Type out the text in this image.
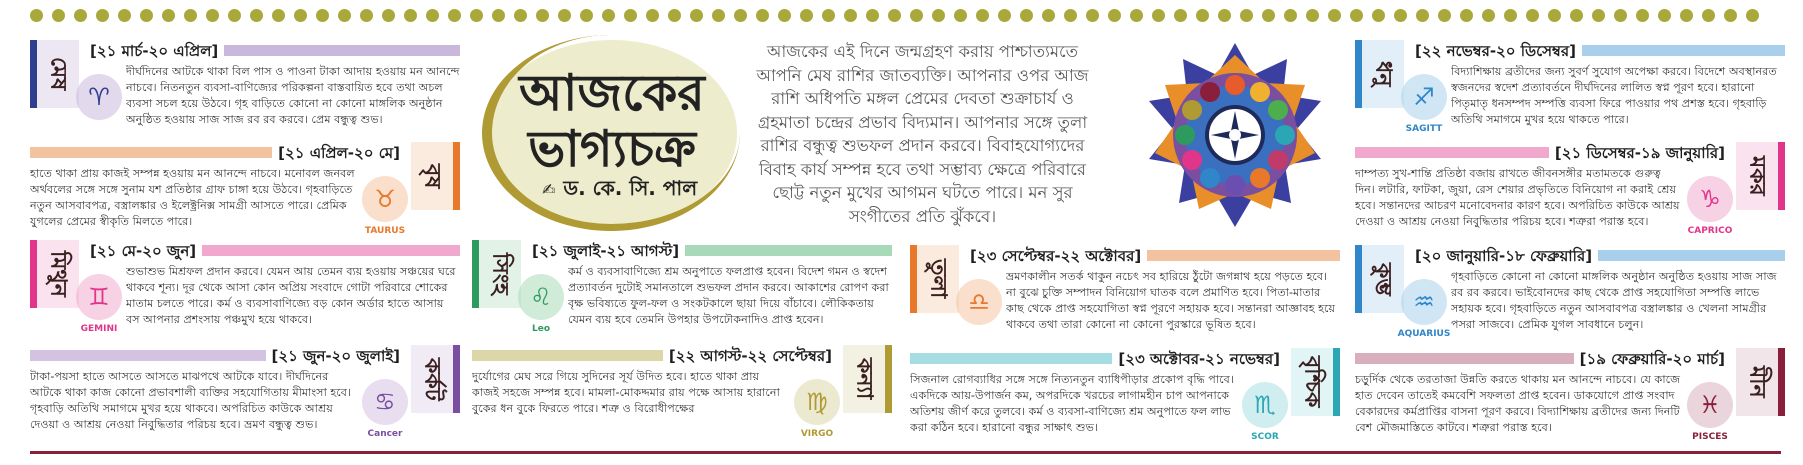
আজকের
ভাগ্যচক্র
✍ ড. কে. সি. পাল
আজকের এই দিনে জন্মগ্রহণ করায় পাশ্চাত্যমতে আপনি মেষ রাশির জাতব্যক্তি। আপনার ওপর আজ রাশি অধিপতি মঙ্গল প্রেমের দেবতা শুক্রাচার্য ও গ্রহমাতা চন্দ্রের প্রভাব বিদ্যমান। আপনার সঙ্গে তুলা রাশির বন্ধুত্ব শুভফল প্রদান করবে। বিবাহযোগ্যদের বিবাহ কার্য সম্পন্ন হবে তথা সম্ভাব্য ক্ষেত্রে পরিবারে ছোট্ট নতুন মুখের আগমন ঘটতে পারে। মন সুর সংগীতের প্রতি ঝুঁকবে।
মেষ
[২১ মার্চ-২০ এপ্রিল]
♈
দীর্ঘদিনের আটকে থাকা বিল পাস ও পাওনা টাকা আদায় হওয়ায় মন আনন্দে নাচবে। নিতনতুন ব্যবসা-বাণিজ্যের পরিকল্পনা বাস্তবায়িত হবে তথা অচল ব্যবসা সচল হয়ে উঠবে। গৃহ বাড়িতে কোনো না কোনো মাঙ্গলিক অনুষ্ঠান অনুষ্ঠিত হওয়ায় সাজ সাজ রব রব করবে। প্রেম বন্ধুত্ব শুভ।
বৃষ
[২১ এপ্রিল-২০ মে]
♉
TAURUS
হাতে থাকা প্রায় কাজই সম্পন্ন হওয়ায় মন আনন্দে নাচবে। মনোবল জনবল অর্থবলের সঙ্গে সঙ্গে সুনাম যশ প্রতিষ্ঠার গ্রাফ চাঙ্গা হয়ে উঠবে। গৃহবাড়িতে নতুন আসবাবপত্র, বস্ত্রালঙ্কার ও ইলেক্ট্রনিক্স সামগ্রী আসতে পারে। প্রেমিক যুগলের প্রেমের স্বীকৃতি মিলতে পারে।
মিথুন
[২১ মে-২০ জুন]
♊
GEMINI
শুভাশুভ মিশ্রফল প্রদান করবে। যেমন আয় তেমন ব্যয় হওয়ায় সঞ্চয়ের ঘরে থাকবে শূন্য। দূর থেকে আসা কোন অপ্রিয় সংবাদে গোটা পরিবারে শোকের মাতাম চলতে পারে। কর্ম ও ব্যবসাবাণিজ্যে বড় কোন অর্ডার হাতে আসায় বস আপনার প্রশংসায় পঞ্চমুখ হয়ে থাকবে।
কর্কট
[২১ জুন-২০ জুলাই]
♋
Cancer
টাকা-পয়সা হাতে আসতে আসতে মাঝপথে আটকে যাবে। দীর্ঘদিনের আটকে থাকা কাজ কোনো প্রভাবশালী ব্যক্তির সহযোগিতায় মীমাংসা হবে। গৃহবাড়ি অতিথি সমাগমে মুখর হয়ে থাকবে। অপরিচিত কাউকে আশ্রয় দেওয়া ও আশ্রয় নেওয়া নিবুদ্ধিতার পরিচয় হবে। ভ্রমণ বন্ধুত্ব শুভ।
সিংহ
[২১ জুলাই-২১ আগস্ট]
♌
Leo
কর্ম ও ব্যবসাবাণিজ্যে শ্রম অনুপাতে ফলপ্রাপ্ত হবেন। বিদেশ গমন ও স্বদেশ প্রত্যাবর্তন দুটোই সমানতালে শুভফল প্রদান করবে। আকাশের রোপণ করা বৃক্ষ ভবিষ্যতে ফুল-ফল ও সংকটকালে ছায়া দিয়ে বাঁচাবে। লৌকিকতায় যেমন ব্যয় হবে তেমনি উপহার উপঢৌকনাদিও প্রাপ্ত হবেন।
কন্যা
[২২ আগস্ট-২২ সেপ্টেম্বর]
♍
VIRGO
দুর্যোগের মেঘ সরে গিয়ে সুদিনের সূর্য উদিত হবে। হাতে থাকা প্রায় কাজই সহজে সম্পন্ন হবে। মামলা-মোকদ্দমার রায় পক্ষে আসায় হারানো বুকের ধন বুকে ফিরতে পারে। শত্রু ও বিরোধীপক্ষের
তুলা
[২৩ সেপ্টেম্বর-২২ অক্টোবর]
♎
ভ্রমণকালীন সতর্ক থাকুন নচেৎ সব হারিয়ে ঠুঁটো জগন্নাথ হয়ে পড়তে হবে। না বুঝে চুক্তি সম্পাদন বিনিয়োগ ঘাতক বলে প্রমাণিত হবে। পিতা-মাতার কাছ থেকে প্রাপ্ত সহযোগিতা স্বপ্ন পূরণে সহায়ক হবে। সন্তানরা আজ্ঞাবহ হয়ে থাকবে তথা তারা কোনো না কোনো পুরস্কারে ভূষিত হবে।
বৃশ্চিক
[২৩ অক্টোবর-২১ নভেম্বর]
♏
SCOR
সিজনাল রোগব্যাধির সঙ্গে সঙ্গে নিত্যনতুন ব্যাধিপীড়ার প্রকোপ বৃদ্ধি পাবে। একদিকে আয়-উপার্জন কম, অপরদিকে খরচের লাগামহীন চাপ আপনাকে অতিশয় জীর্ণ করে তুলবে। কর্ম ও ব্যবসা-বাণিজ্যে শ্রম অনুপাতে ফল লাভ করা কঠিন হবে। হারানো বন্ধুর সাক্ষাৎ শুভ।
ধনু
[২২ নভেম্বর-২০ ডিসেম্বর]
♐
SAGITT
বিদ্যাশিক্ষায় ব্রতীদের জন্য সুবর্ণ সুযোগ অপেক্ষা করবে। বিদেশে অবস্থানরত স্বজনদের স্বদেশ প্রত্যাবর্তনে দীর্ঘদিনের লালিত স্বপ্ন পূরণ হবে। হারানো পিতৃমাতৃ ধনসম্পদ সম্পত্তি ব্যবসা ফিরে পাওয়ার পথ প্রশস্ত হবে। গৃহবাড়ি অতিথি সমাগমে মুখর হয়ে থাকতে পারে।
মকর
[২১ ডিসেম্বর-১৯ জানুয়ারি]
♑
CAPRICO
দাম্পত্য সুখ-শান্তি প্রতিষ্ঠা বজায় রাখতে জীবনসঙ্গীর মতামতকে গুরুত্ব দিন। লটারি, ফাটকা, জুয়া, রেস শেয়ার প্রভৃতিতে বিনিয়োগ না করাই শ্রেয় হবে। সন্তানদের আচরণ মনোবেদনার কারণ হবে। অপরিচিত কাউকে আশ্রয় দেওয়া ও আশ্রয় নেওয়া নিবুদ্ধিতার পরিচয় হবে। শত্রুরা পরাস্ত হবে।
কুম্ভ
[২০ জানুয়ারি-১৮ ফেব্রুয়ারি]
♒
AQUARIUS
গৃহবাড়িতে কোনো না কোনো মাঙ্গলিক অনুষ্ঠান অনুষ্ঠিত হওয়ায় সাজ সাজ রব রব করবে। ভাইবোনদের কাছ থেকে প্রাপ্ত সহযোগিতা সম্পত্তি লাভে সহায়ক হবে। গৃহবাড়িতে নতুন আসবাবপত্র বস্ত্রালঙ্কার ও খেলনা সামগ্রীর পসরা সাজবে। প্রেমিক যুগল সাবধানে চলুন।
মীন
[১৯ ফেব্রুয়ারি-২০ মার্চ]
♓
PISCES
চড়ুর্দিক থেকে তরতাজা উন্নতি করতে থাকায় মন আনন্দে নাচবে। যে কাজে হাত দেবেন তাতেই কমবেশি সফলতা প্রাপ্ত হবেন। ডাকযোগে প্রাপ্ত সংবাদ বেকারদের কর্মপ্রাপ্তির বাসনা পূরণ করবে। বিদ্যাশিক্ষায় ব্রতীদের জন্য দিনটি বেশ মৌজমাস্তিতে কাটবে। শত্রুরা পরাস্ত হবে।
